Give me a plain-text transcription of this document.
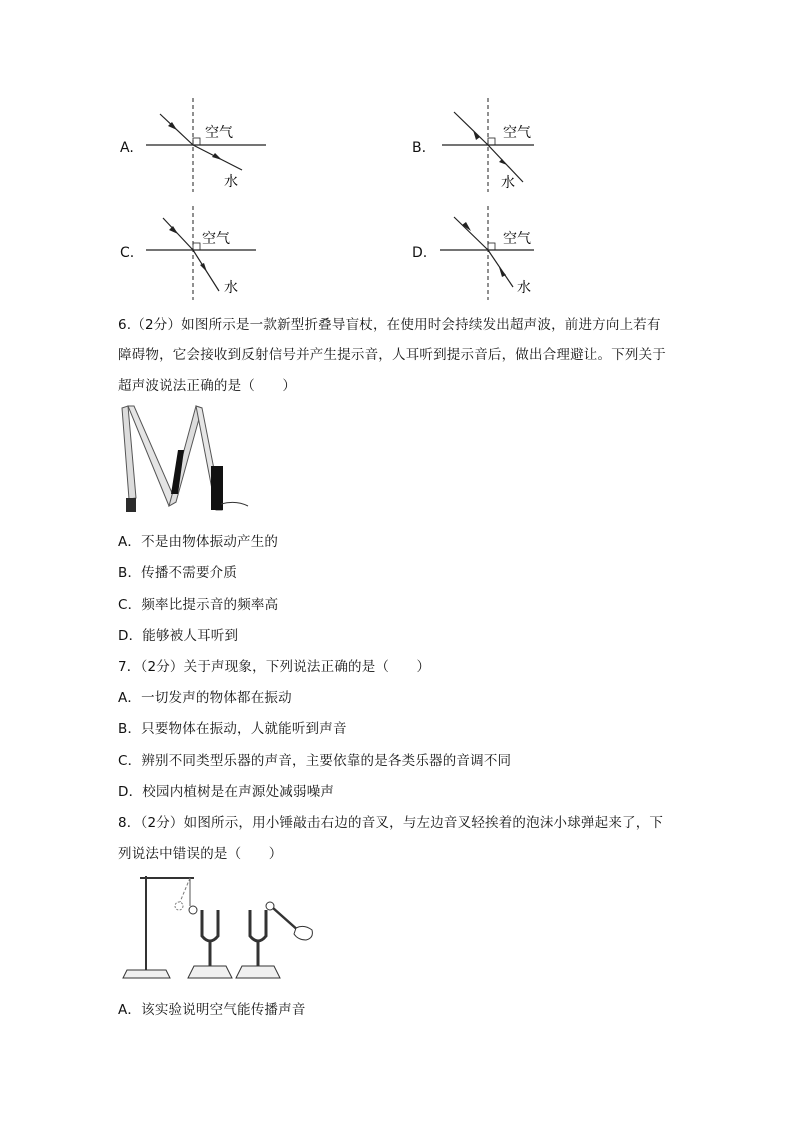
A.
空气
水
B.
空气
水
C.
空气
水
D.
空气
水
6.（2分）如图所示是一款新型折叠导盲杖，在使用时会持续发出超声波，前进方向上若有
障碍物，它会接收到反射信号并产生提示音，人耳听到提示音后，做出合理避让。下列关于
超声波说法正确的是（　　）
A．不是由物体振动产生的
B．传播不需要介质
C．频率比提示音的频率高
D．能够被人耳听到
7．（2分）关于声现象，下列说法正确的是（　　）
A．一切发声的物体都在振动
B．只要物体在振动，人就能听到声音
C．辨别不同类型乐器的声音，主要依靠的是各类乐器的音调不同
D．校园内植树是在声源处减弱噪声
8．（2分）如图所示，用小锤敲击右边的音叉，与左边音叉轻挨着的泡沫小球弹起来了，下
列说法中错误的是（　　）
A．该实验说明空气能传播声音
